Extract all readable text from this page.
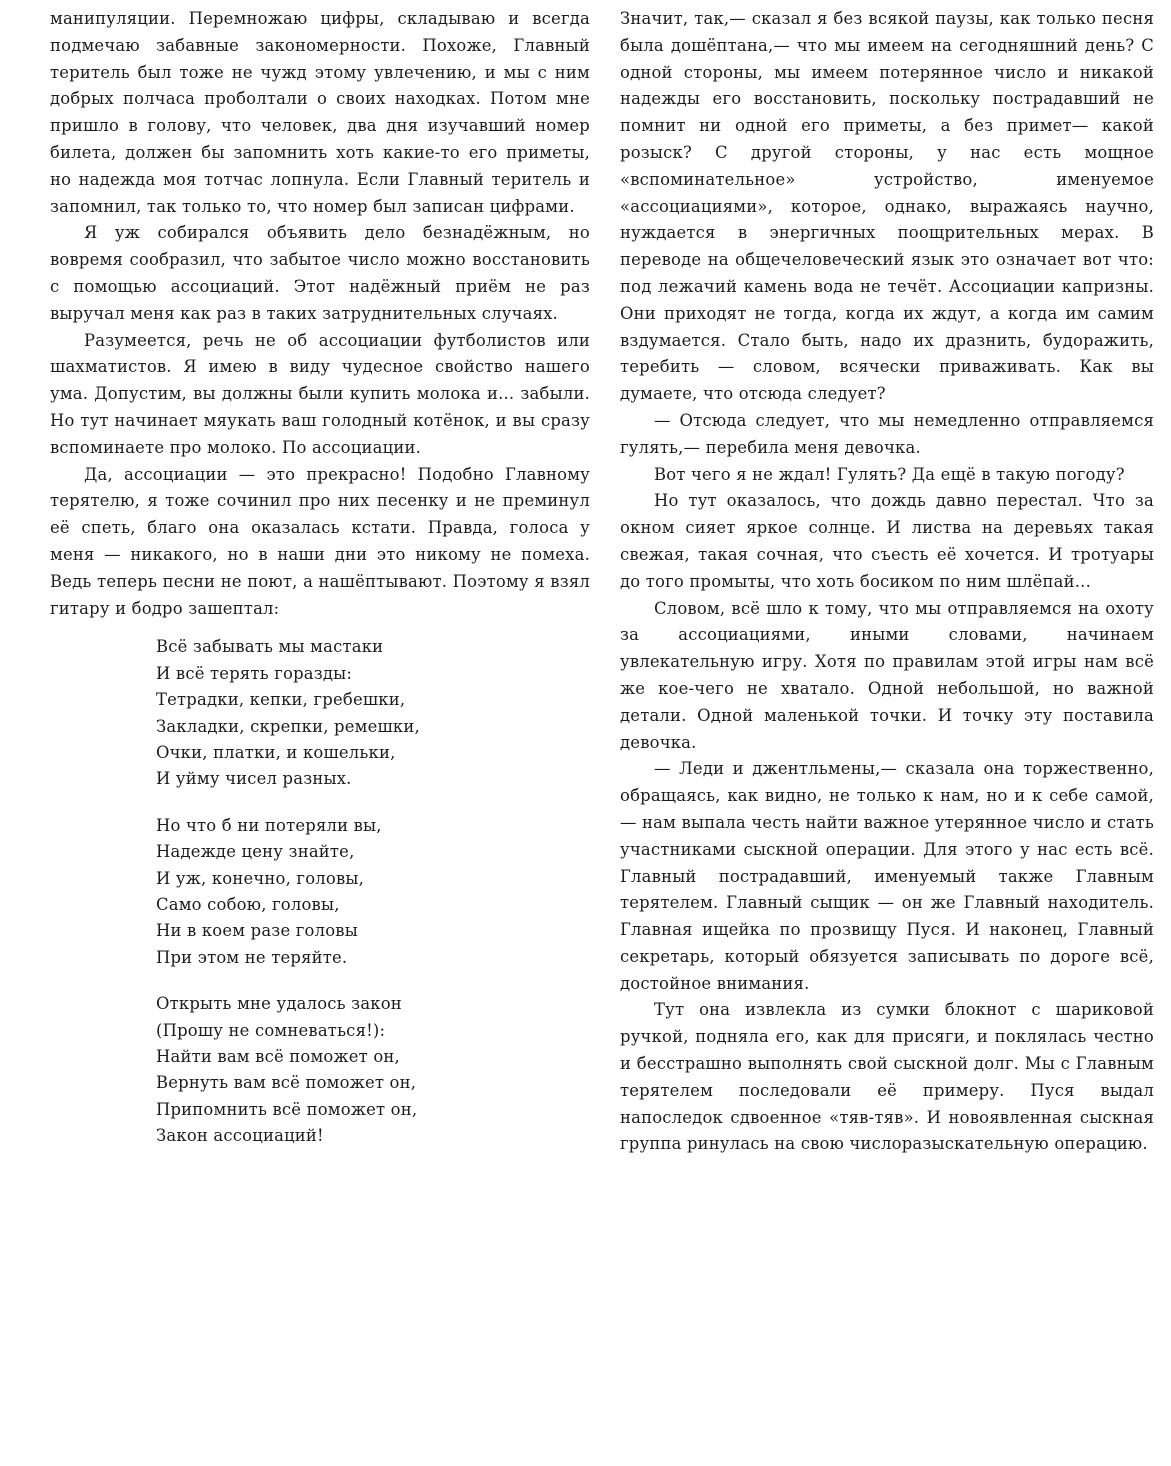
манипуляции. Перемножаю цифры, складываю и всегда подмечаю забавные закономерности. Похоже, Главный теритель был тоже не чужд этому увлечению, и мы с ним добрых полчаса проболтали о своих находках. Потом мне пришло в голову, что человек, два дня изучавший номер билета, должен бы запомнить хоть какие-то его приметы, но надежда моя тотчас лопнула. Если Главный теритель и запомнил, так только то, что номер был записан цифрами.

Я уж собирался объявить дело безнадёжным, но вовремя сообразил, что забытое число можно восстановить с помощью ассоциаций. Этот надёжный приём не раз выручал меня как раз в таких затруднительных случаях.

Разумеется, речь не об ассоциации футболистов или шахматистов. Я имею в виду чудесное свойство нашего ума. Допустим, вы должны были купить молока и... забыли. Но тут начинает мяукать ваш голодный котёнок, и вы сразу вспоминаете про молоко. По ассоциации.

Да, ассоциации — это прекрасно! Подобно Главному терятелю, я тоже сочинил про них песенку и не преминул её спеть, благо она оказалась кстати. Правда, голоса у меня — никакого, но в наши дни это никому не помеха. Ведь теперь песни не поют, а нашёптывают. Поэтому я взял гитару и бодро зашептал:

Всё забывать мы мастаки
И всё терять горазды:
Тетрадки, кепки, гребешки,
Закладки, скрепки, ремешки,
Очки, платки, и кошельки,
И уйму чисел разных.
Но что б ни потеряли вы,
Надежде цену знайте,
И уж, конечно, головы,
Само собою, головы,
Ни в коем разе головы
При этом не теряйте.
Открыть мне удалось закон
(Прошу не сомневаться!):
Найти вам всё поможет он,
Вернуть вам всё поможет он,
Припомнить всё поможет он,
Закон ассоциаций!

Значит, так,— сказал я без всякой паузы, как только песня была дошёптана,— что мы имеем на сегодняшний день? С одной стороны, мы имеем потерянное число и никакой надежды его восстановить, поскольку пострадавший не помнит ни одной его приметы, а без примет— какой розыск? С другой стороны, у нас есть мощное «вспоминательное» устройство, именуемое «ассоциациями», которое, однако, выражаясь научно, нуждается в энергичных поощрительных мерах. В переводе на общечеловеческий язык это означает вот что: под лежачий камень вода не течёт. Ассоциации капризны. Они приходят не тогда, когда их ждут, а когда им самим вздумается. Стало быть, надо их дразнить, будоражить, теребить — словом, всячески приваживать. Как вы думаете, что отсюда следует?

— Отсюда следует, что мы немедленно отправляемся гулять,— перебила меня девочка.

Вот чего я не ждал! Гулять? Да ещё в такую погоду?

Но тут оказалось, что дождь давно перестал. Что за окном сияет яркое солнце. И листва на деревьях такая свежая, такая сочная, что съесть её хочется. И тротуары до того промыты, что хоть босиком по ним шлёпай...

Словом, всё шло к тому, что мы отправляемся на охоту за ассоциациями, иными словами, начинаем увлекательную игру. Хотя по правилам этой игры нам всё же кое-чего не хватало. Одной небольшой, но важной детали. Одной маленькой точки. И точку эту поставила девочка.

— Леди и джентльмены,— сказала она торжественно, обращаясь, как видно, не только к нам, но и к себе самой,— нам выпала честь найти важное утерянное число и стать участниками сыскной операции. Для этого у нас есть всё. Главный пострадавший, именуемый также Главным терятелем. Главный сыщик — он же Главный находитель. Главная ищейка по прозвищу Пуся. И наконец, Главный секретарь, который обязуется записывать по дороге всё, достойное внимания.

Тут она извлекла из сумки блокнот с шариковой ручкой, подняла его, как для присяги, и поклялась честно и бесстрашно выполнять свой сыскной долг. Мы с Главным терятелем последовали её примеру. Пуся выдал напоследок сдвоенное «тяв-тяв». И новоявленная сыскная группа ринулась на свою числоразыскательную операцию.
